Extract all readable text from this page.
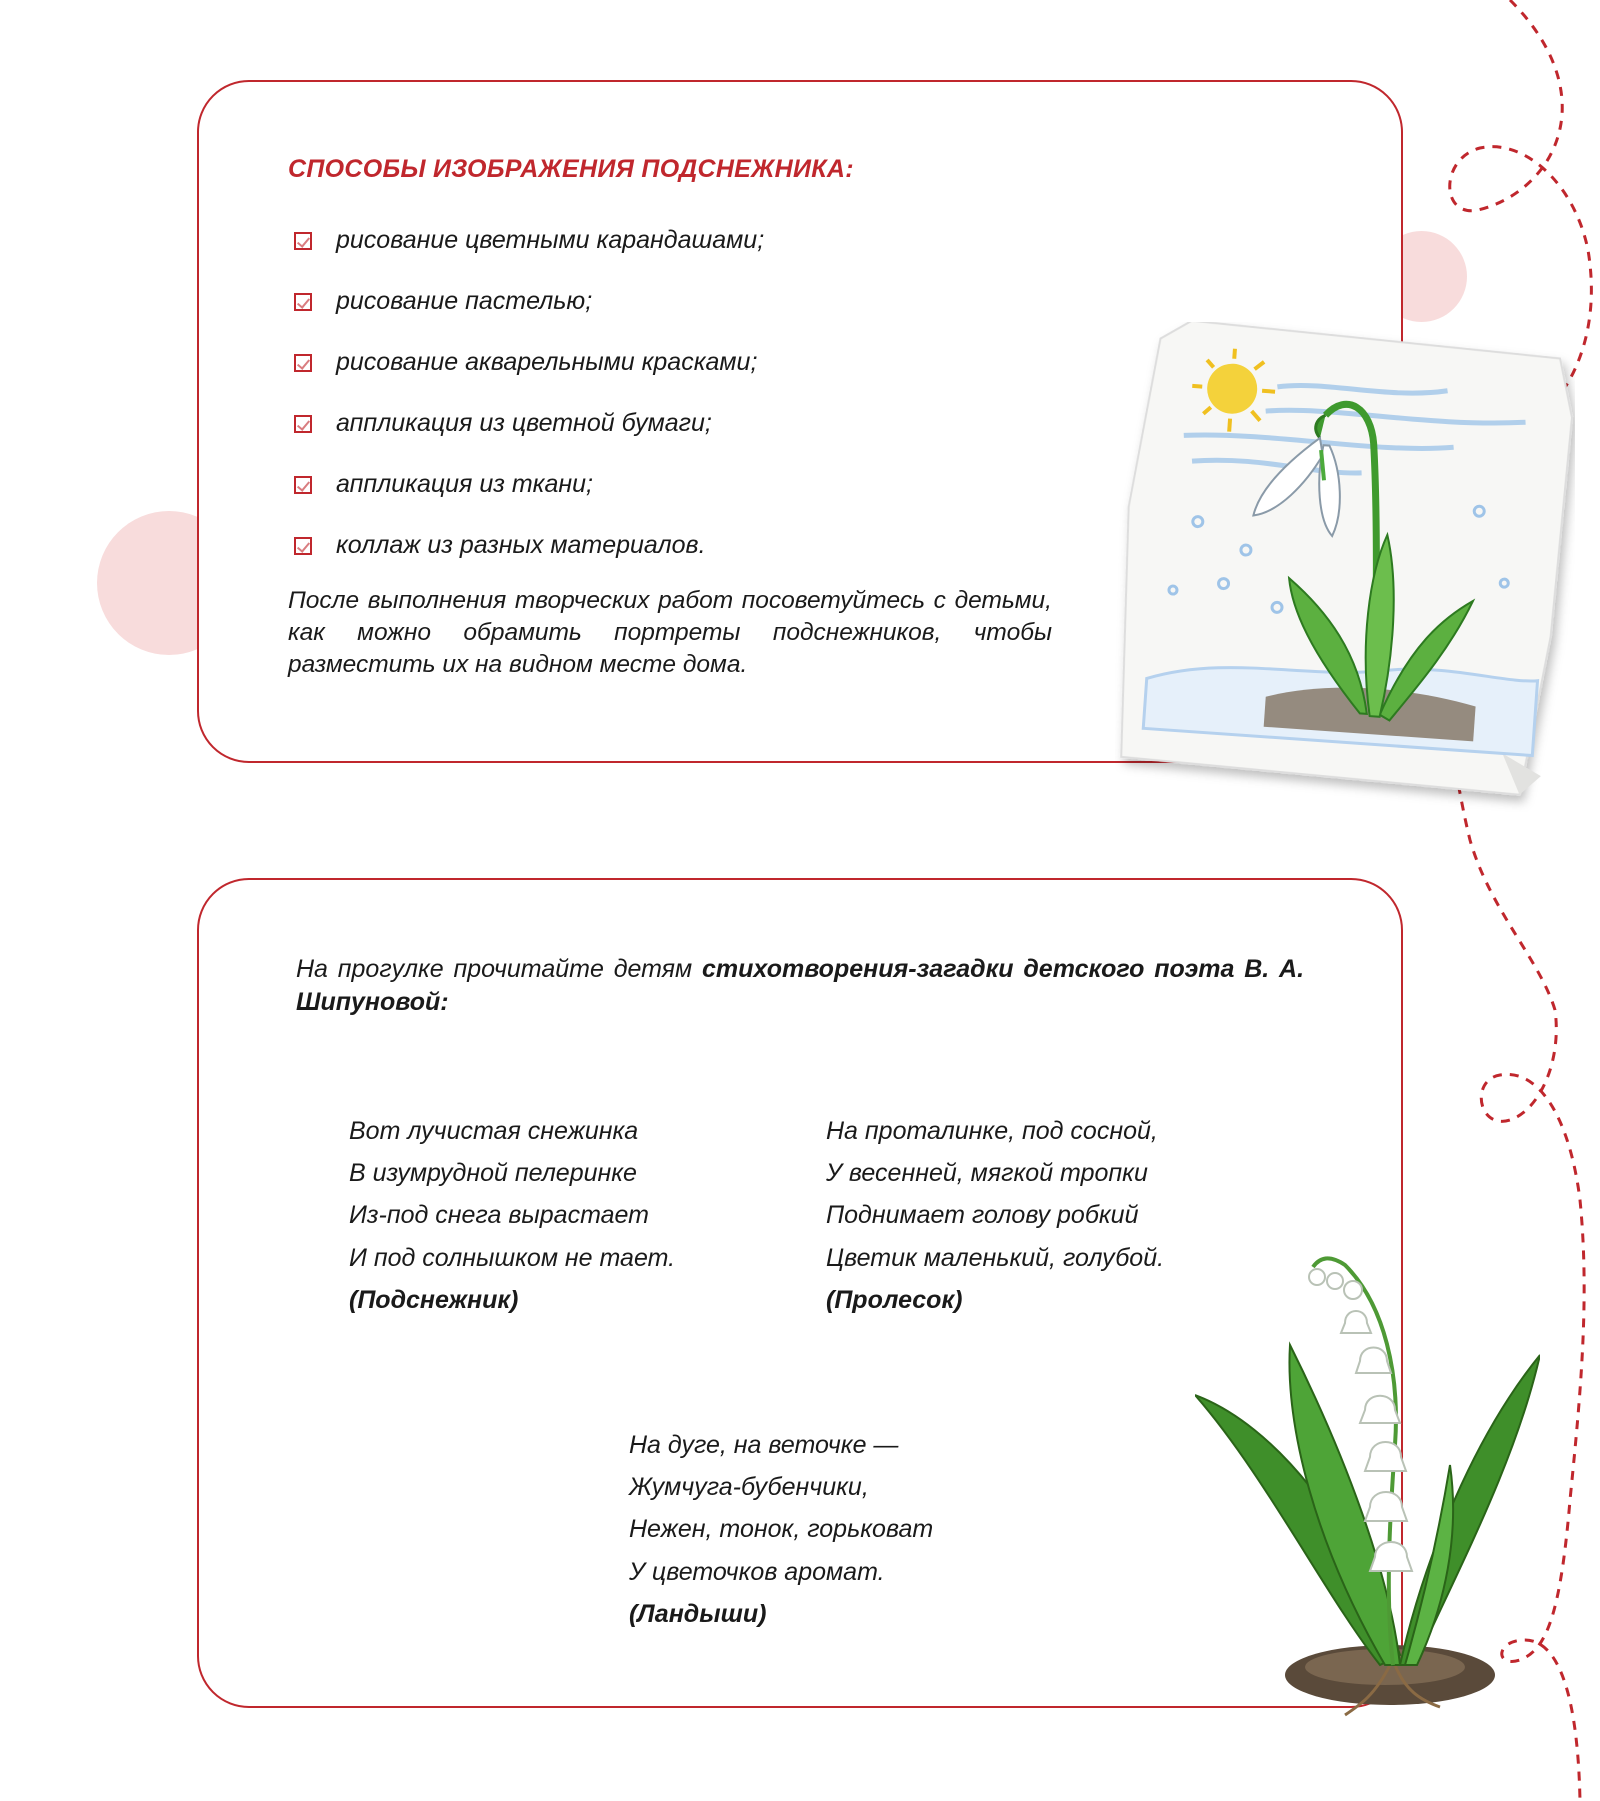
СПОСОБЫ ИЗОБРАЖЕНИЯ ПОДСНЕЖНИКА:
рисование цветными карандашами;
рисование пастелью;
рисование акварельными красками;
аппликация из цветной бумаги;
аппликация из ткани;
коллаж из разных материалов.
После выполнения творческих работ посоветуйтесь с детьми, как можно обрамить портреты подснежников, чтобы разместить их на видном месте дома.
На прогулке прочитайте детям стихотворения-загадки детского поэта В. А. Шипуновой:
Вот лучистая снежинка
В изумрудной пелеринке
Из-под снега вырастает
И под солнышком не тает.
(Подснежник)
На проталинке, под сосной,
У весенней, мягкой тропки
Поднимает голову робкий
Цветик маленький, голубой.
(Пролесок)
На дуге, на веточке —
Жумчуга-бубенчики,
Нежен, тонок, горьковат
У цветочков аромат.
(Ландыши)
